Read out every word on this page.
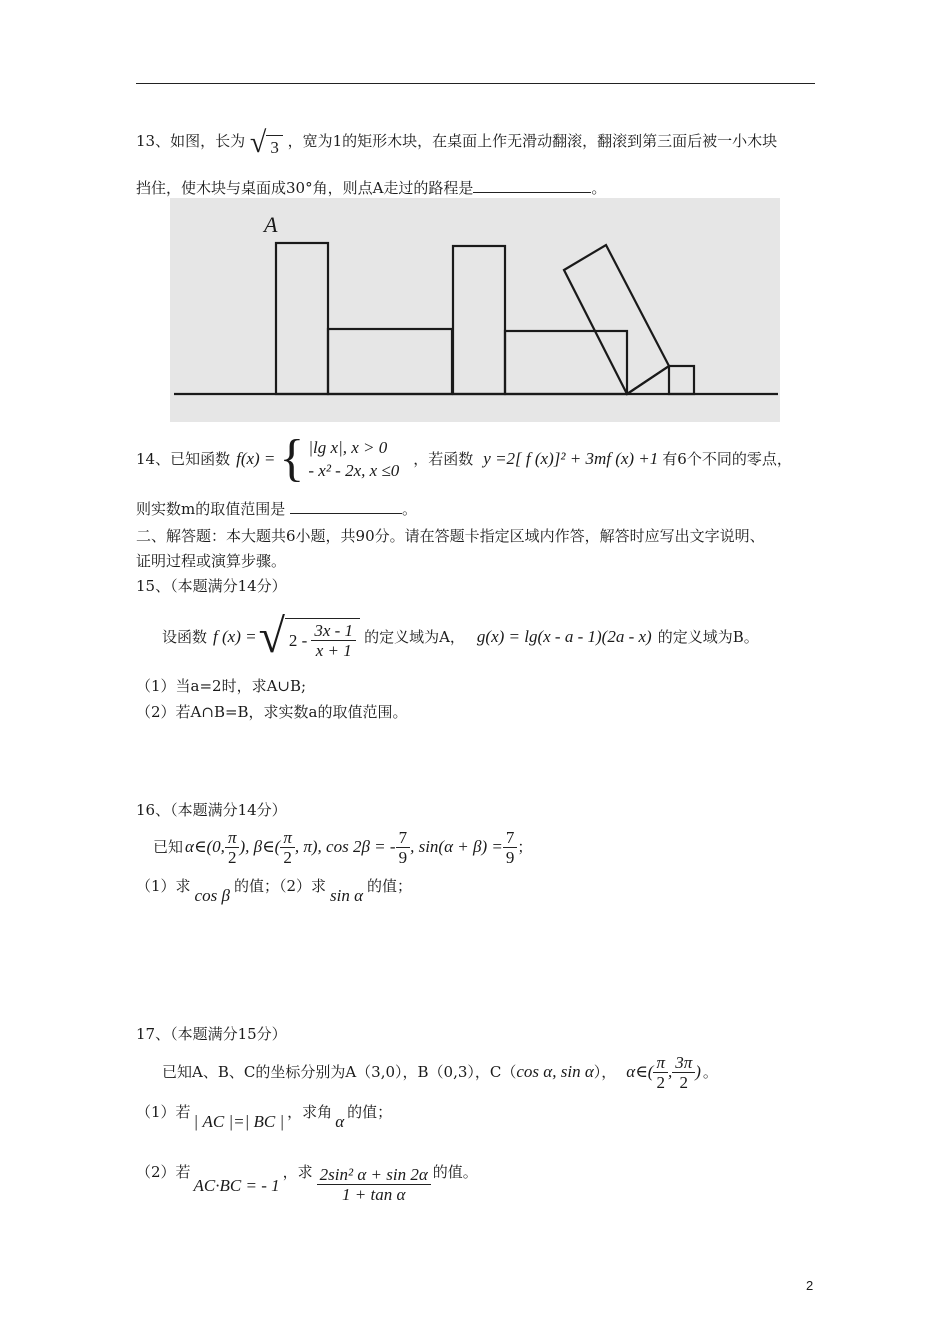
13、如图，长为 √ 3 ，宽为1的矩形木块，在桌面上作无滑动翻滚，翻滚到第三面后被一小木块
挡住，使木块与桌面成30°角，则点A走过的路程是	。
A
14、已知函数 f(x) = { |lg x|, x > 0
- x² - 2x, x ≤0
，若函数 y =2[ f (x)]² + 3mf (x) +1 有6个不同的零点，
则实数m的取值范围是	。
二、解答题：本大题共6小题，共90分。请在答题卡指定区域内作答，解答时应写出文字说明、
证明过程或演算步骤。
15、（本题满分14分）
设函数 f (x) = √ $2 - \frac{3x - 1}{x + 1}$ 的定义域为A， g(x) = lg(x - a - 1)(2a - x) 的定义域为B。
（1）当a=2时，求A∪B;
（2）若A∩B=B，求实数a的取值范围。
16、（本题满分14分）
已知 α∈(0, $\frac{\pi}{2}$ ), β∈( $\frac{\pi}{2}$ , π), cos 2β = - $\frac{7}{9}$ , $\sin(\alpha + \beta) = \frac{7}{9}$ ；
（1）求 cos β 的值；（2）求 sin α 的值；
17、（本题满分15分）
已知A、B、C的坐标分别为A（3,0），B（0,3），C（ cos α, sin α ）， α∈( $\frac{\pi}{2}$ , $\frac{3\pi}{2}$ ) 。
（1）若 | AC |=| BC | ，求角 α 的值；
（2）若
AC·BC = - 1
，求 $\frac{\text{2sin² α + sin 2α}}{\text{1 + tan α}}$ 的值。
2
